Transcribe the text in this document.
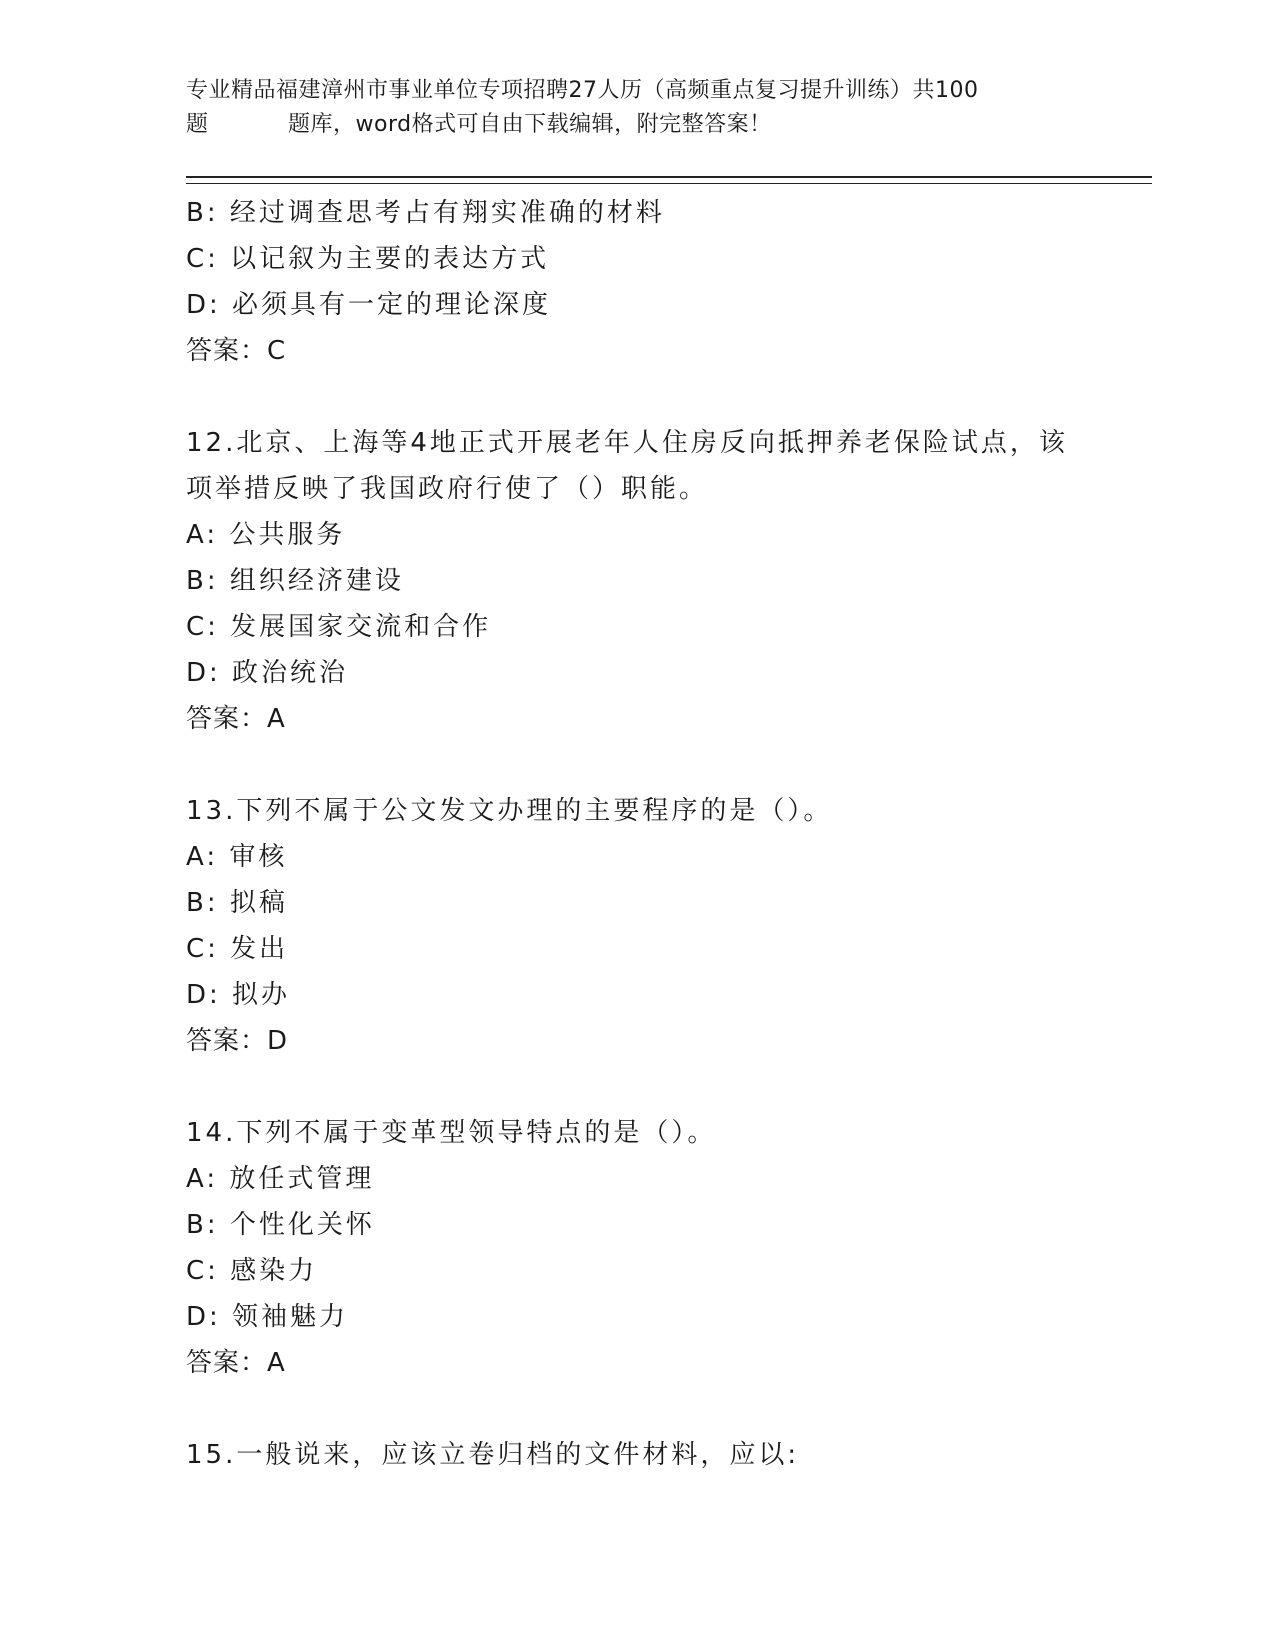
专业精品福建漳州市事业单位专项招聘27人历（高频重点复习提升训练）共100
题	题库，word格式可自由下载编辑，附完整答案！
B: 经过调查思考占有翔实准确的材料
C: 以记叙为主要的表达方式
D: 必须具有一定的理论深度
答案：C
12.北京、上海等4地正式开展老年人住房反向抵押养老保险试点，该
项举措反映了我国政府行使了（）职能。
A: 公共服务
B: 组织经济建设
C: 发展国家交流和合作
D: 政治统治
答案：A
13.下列不属于公文发文办理的主要程序的是（）。
A: 审核
B: 拟稿
C: 发出
D: 拟办
答案：D
14.下列不属于变革型领导特点的是（）。
A: 放任式管理
B: 个性化关怀
C: 感染力
D: 领袖魅力
答案：A
15.一般说来，应该立卷归档的文件材料，应以:
